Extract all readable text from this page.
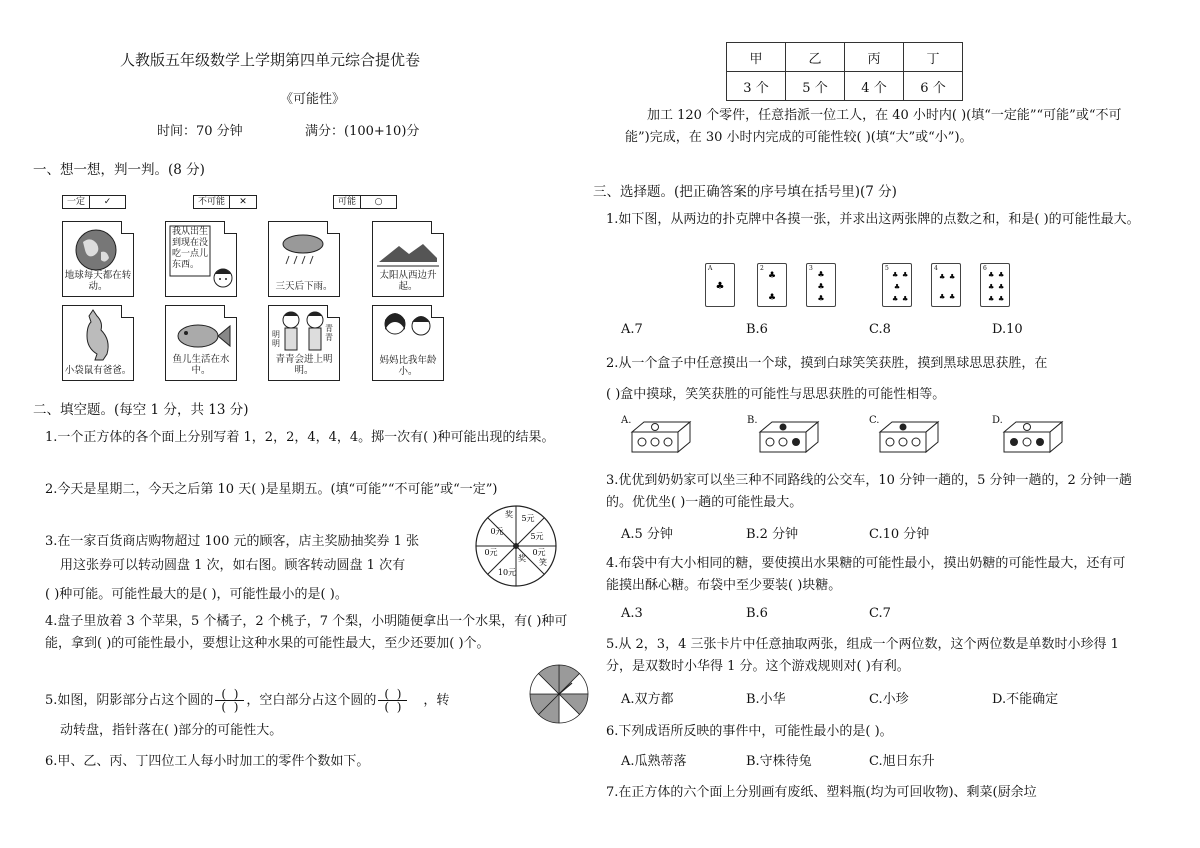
人教版五年级数学上学期第四单元综合提优卷
《可能性》
时间：70 分钟	满分：(100+10)分
一、想一想，判一判。(8 分)
一定	✓	不可能	✕	可能	○
地球每天都在转动。
我从出生到现在没吃一点儿东西。
三天后下雨。
太阳从西边升起。
小袋鼠有爸爸。
鱼儿生活在水中。
明
明
青
青
青青会进上明明。
妈妈比我年龄小。
二、填空题。(每空 1 分，共 13 分)
1.一个正方体的各个面上分别写着 1，2，2，4，4，4。掷一次有( )种可能出现的结果。
2.今天是星期二，今天之后第 10 天( )是星期五。(填“可能”“不可能”或“一定”)
3.在一家百货商店购物超过 100 元的顾客，店主奖励抽奖券 1 张
用这张券可以转动圆盘 1 次，如右图。顾客转动圆盘 1 次有
( )种可能。可能性最大的是( )，可能性最小的是( )。
奖 5元
0元
5元
0元
奖
10元
0元
笑
4.盘子里放着 3 个苹果，5 个橘子，2 个桃子，7 个梨，小明随便拿出一个水果，有( )种可能，拿到( )的可能性最小，要想让这种水果的可能性最大，至少还要加( )个。
5.如图，阴影部分占这个圆的 $\frac{( )}{( )}$ ，空白部分占这个圆的 $\frac{( )}{( )}$ ，转
动转盘，指针落在( )部分的可能性大。
6.甲、乙、丙、丁四位工人每小时加工的零件个数如下。
甲	乙	丙	丁
3 个	5 个	4 个	6 个
加工 120 个零件，任意指派一位工人，在 40 小时内( )(填“一定能”“可能”或“不可能”)完成，在 30 小时内完成的可能性较( )(填“大”或“小”)。
三、选择题。(把正确答案的序号填在括号里)(7 分)
1.如下图，从两边的扑克牌中各摸一张，并求出这两张牌的点数之和，和是( )的可能性最大。
A
♣
2
♣
♣
3
♣
♣
♣
5
♣ ♣
♣
♣ ♣
4
♣ ♣
♣ ♣
6
♣ ♣
♣ ♣
♣ ♣
A.7	B.6	C.8	D.10
2.从一个盒子中任意摸出一个球，摸到白球笑笑获胜，摸到黑球思思获胜，在
( )盒中摸球，笑笑获胜的可能性与思思获胜的可能性相等。
A.	B.	C.	D.
3.优优到奶奶家可以坐三种不同路线的公交车，10 分钟一趟的，5 分钟一趟的，2 分钟一趟的。优优坐( )一趟的可能性最大。
A.5 分钟	B.2 分钟	C.10 分钟
4.布袋中有大小相同的糖，要使摸出水果糖的可能性最小，摸出奶糖的可能性最大，还有可能摸出酥心糖。布袋中至少要装( )块糖。
A.3	B.6	C.7
5.从 2，3，4 三张卡片中任意抽取两张，组成一个两位数，这个两位数是单数时小珍得 1 分，是双数时小华得 1 分。这个游戏规则对( )有利。
A.双方都	B.小华	C.小珍	D.不能确定
6.下列成语所反映的事件中，可能性最小的是( )。
A.瓜熟蒂落	B.守株待兔	C.旭日东升
7.在正方体的六个面上分别画有废纸、塑料瓶(均为可回收物)、剩菜(厨余垃
